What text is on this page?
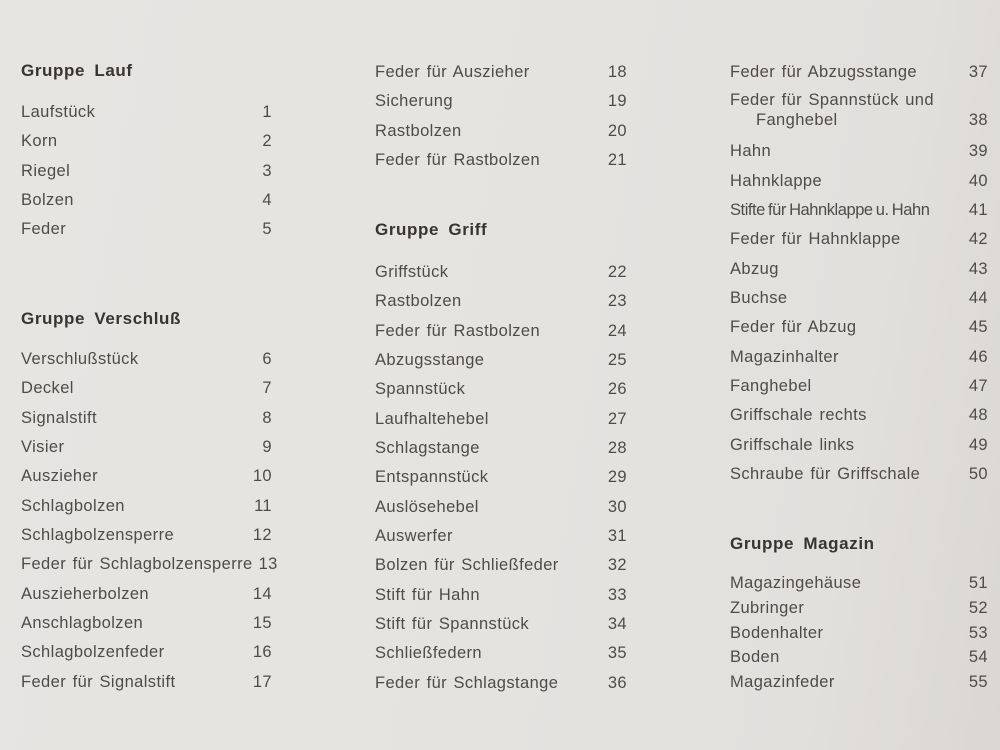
Gruppe Lauf
Laufstück	1
Korn	2
Riegel	3
Bolzen	4
Feder	5
Gruppe Verschluß
Verschlußstück	6
Deckel	7
Signalstift	8
Visier	9
Auszieher	10
Schlagbolzen	11
Schlagbolzensperre	12
Feder für Schlagbolzensperre 13
Auszieherbolzen	14
Anschlagbolzen	15
Schlagbolzenfeder	16
Feder für Signalstift	17
Feder für Auszieher	18
Sicherung	19
Rastbolzen	20
Feder für Rastbolzen	21
Gruppe Griff
Griffstück	22
Rastbolzen	23
Feder für Rastbolzen	24
Abzugsstange	25
Spannstück	26
Laufhaltehebel	27
Schlagstange	28
Entspannstück	29
Auslösehebel	30
Auswerfer	31
Bolzen für Schließfeder	32
Stift für Hahn	33
Stift für Spannstück	34
Schließfedern	35
Feder für Schlagstange	36
Feder für Abzugsstange	37
Feder für Spannstück und
Fanghebel	38
Hahn	39
Hahnklappe	40
Stifte für Hahnklappe u. Hahn	41
Feder für Hahnklappe	42
Abzug	43
Buchse	44
Feder für Abzug	45
Magazinhalter	46
Fanghebel	47
Griffschale rechts	48
Griffschale links	49
Schraube für Griffschale	50
Gruppe Magazin
Magazingehäuse	51
Zubringer	52
Bodenhalter	53
Boden	54
Magazinfeder	55
